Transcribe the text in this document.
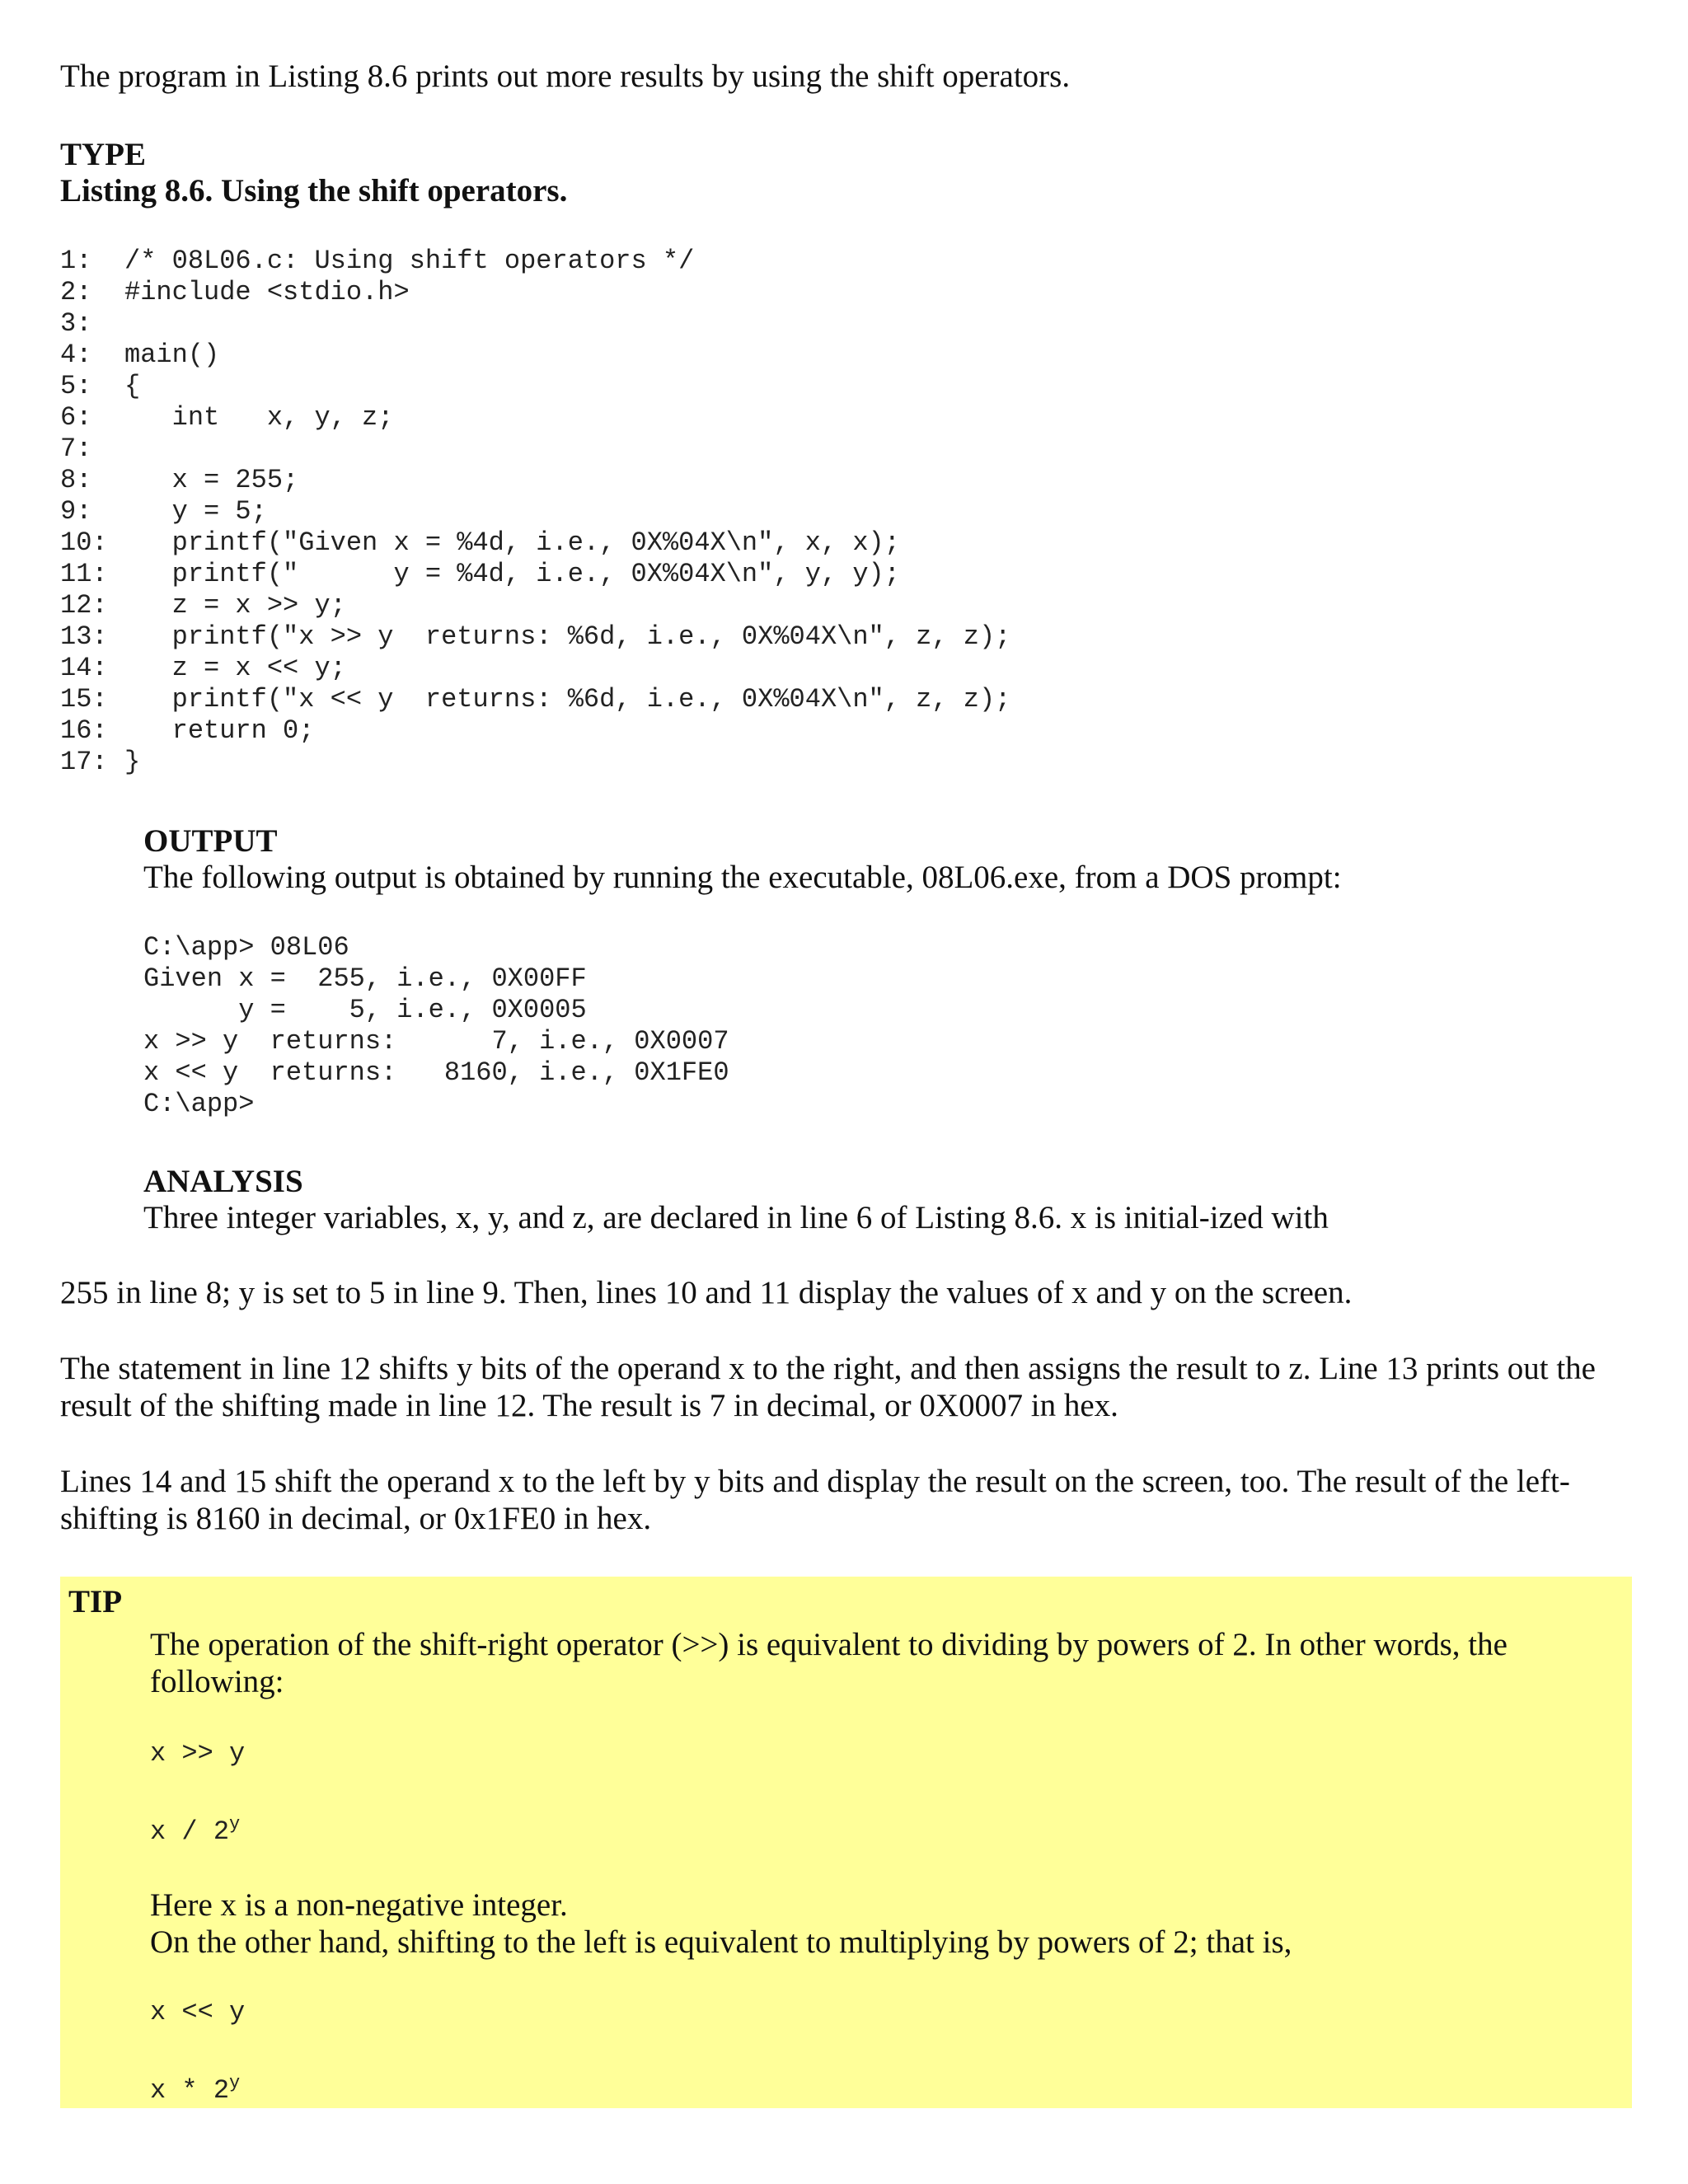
The program in Listing 8.6 prints out more results by using the shift operators.

TYPE
Listing 8.6. Using the shift operators.
1: /* 08L06.c: Using shift operators */
2: #include <stdio.h>
3:
4: main()
5: {
6:   int   x, y, z;
7:
8:   x = 255;
9:   y = 5;
10:   printf("Given x = %4d, i.e., 0X%04X\n", x, x);
11:   printf("      y = %4d, i.e., 0X%04X\n", y, y);
12:   z = x >> y;
13:   printf("x >> y  returns: %6d, i.e., 0X%04X\n", z, z);
14:   z = x << y;
15:   printf("x << y  returns: %6d, i.e., 0X%04X\n", z, z);
16:   return 0;
17: }
OUTPUT
The following output is obtained by running the executable, 08L06.exe, from a DOS prompt:
C:\app> 08L06
Given x =  255, i.e., 0X00FF
y =    5, i.e., 0X0005
x >> y  returns:      7, i.e., 0X0007
x << y  returns:   8160, i.e., 0X1FE0
C:\app>
ANALYSIS
Three integer variables, x, y, and z, are declared in line 6 of Listing 8.6. x is initial-ized with
255 in line 8; y is set to 5 in line 9. Then, lines 10 and 11 display the values of x and y on the screen.
The statement in line 12 shifts y bits of the operand x to the right, and then assigns the result to z. Line 13 prints out the result of the shifting made in line 12. The result is 7 in decimal, or 0X0007 in hex.
Lines 14 and 15 shift the operand x to the left by y bits and display the result on the screen, too. The result of the left-shifting is 8160 in decimal, or 0x1FE0 in hex.
TIP
The operation of the shift-right operator (>>) is equivalent to dividing by powers of 2. In other words, the following:
x >> y
x / 2$^y$
Here x is a non-negative integer.
On the other hand, shifting to the left is equivalent to multiplying by powers of 2; that is,
x << y
x * 2$^y$
